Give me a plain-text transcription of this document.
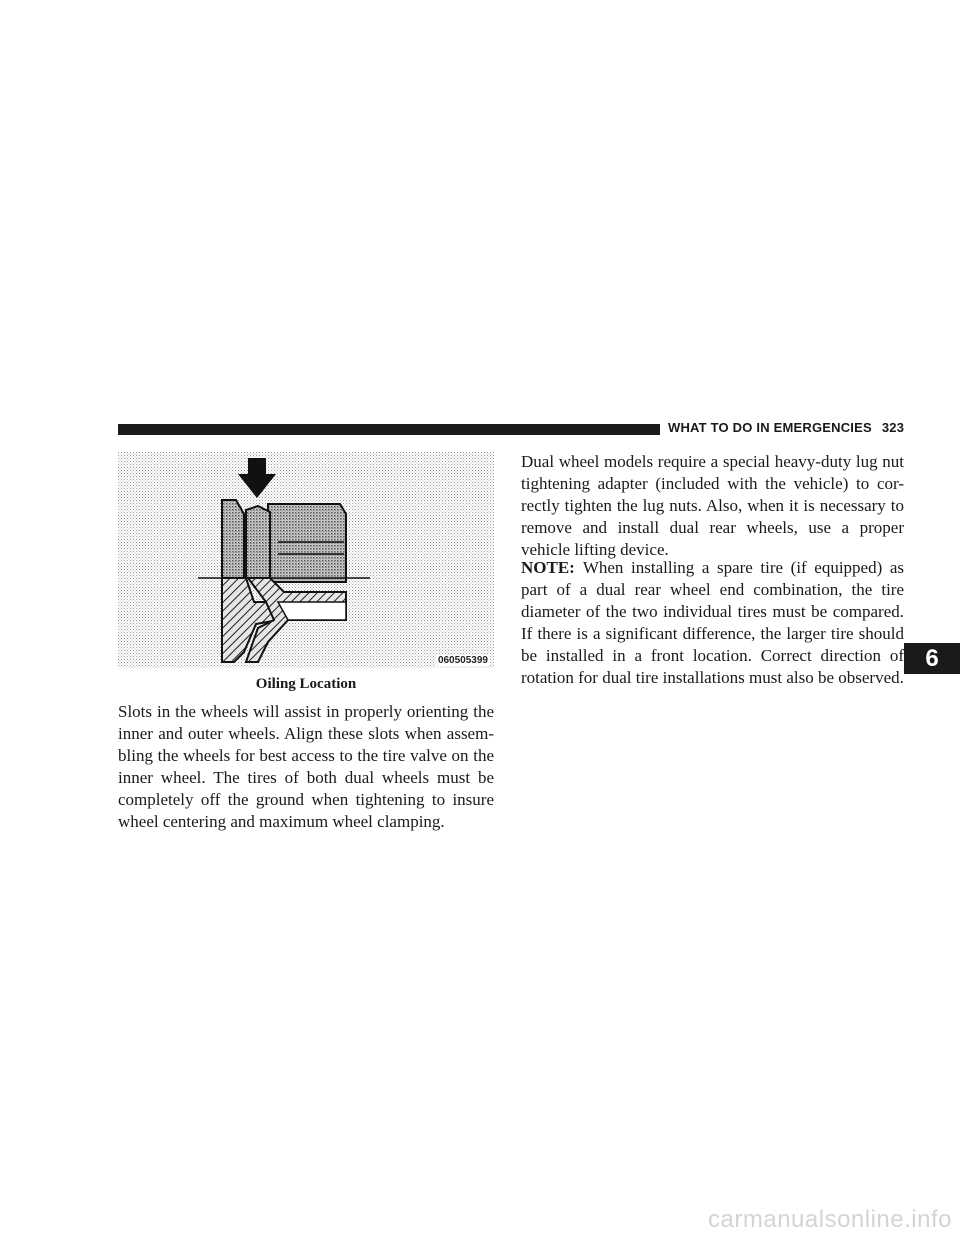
WHAT TO DO IN EMERGENCIES 323
060505399
Oiling Location

Slots in the wheels will assist in properly orienting the inner and outer wheels. Align these slots when assem-bling the wheels for best access to the tire valve on the inner wheel. The tires of both dual wheels must be completely off the ground when tightening to insure wheel centering and maximum wheel clamping.

Dual wheel models require a special heavy-duty lug nut tightening adapter (included with the vehicle) to cor-rectly tighten the lug nuts. Also, when it is necessary to remove and install dual rear wheels, use a proper vehicle lifting device.

NOTE: When installing a spare tire (if equipped) as part of a dual rear wheel end combination, the tire diameter of the two individual tires must be compared. If there is a significant difference, the larger tire should be installed in a front location. Correct direction of rotation for dual tire installations must also be observed.

6
carmanualsonline.info
